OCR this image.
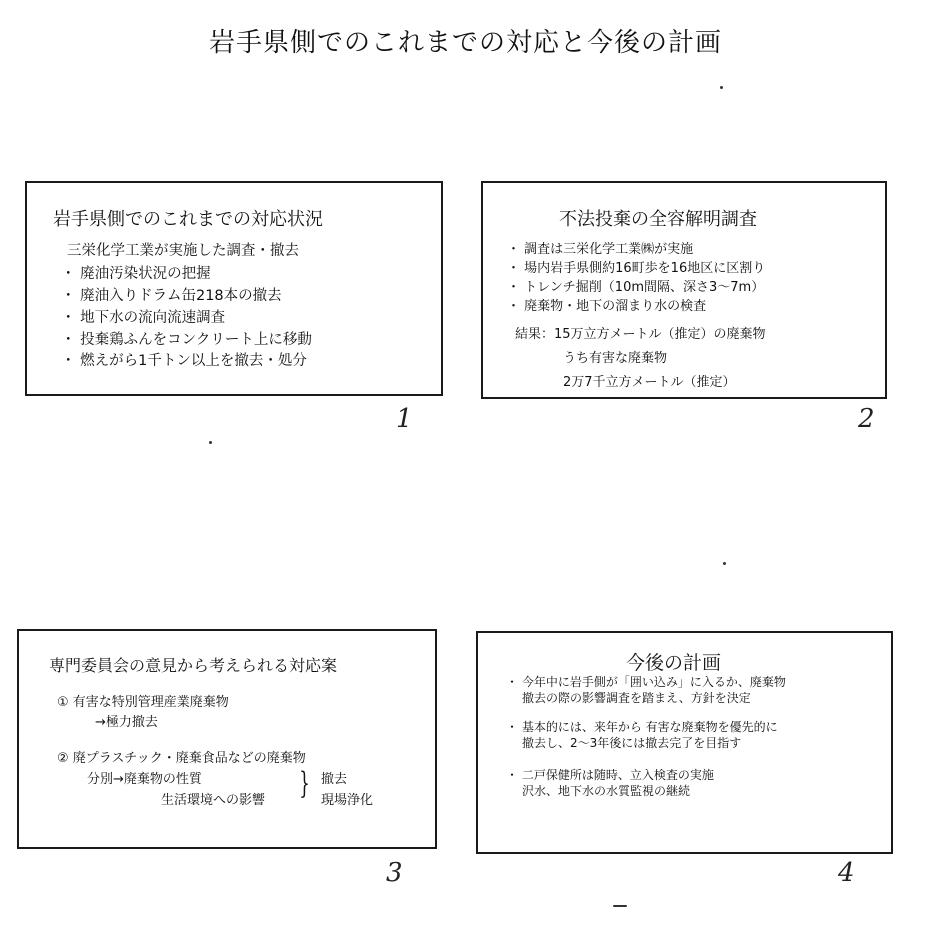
岩手県側でのこれまでの対応と今後の計画
岩手県側でのこれまでの対応状況
三栄化学工業が実施した調査・撤去
・ 廃油汚染状況の把握
・ 廃油入りドラム缶218本の撤去
・ 地下水の流向流速調査
・ 投棄鶏ふんをコンクリート上に移動
・ 燃えがら1千トン以上を撤去・処分
1
不法投棄の全容解明調査
・ 調査は三栄化学工業㈱が実施
・ 場内岩手県側約16町歩を16地区に区割り
・ トレンチ掘削（10m間隔、深さ3～7m）
・ 廃棄物・地下の溜まり水の検査
結果：15万立方メートル（推定）の廃棄物
うち有害な廃棄物
2万7千立方メートル（推定）
2
専門委員会の意見から考えられる対応案
① 有害な特別管理産業廃棄物
→極力撤去
② 廃プラスチック・廃棄食品などの廃棄物
分別→廃棄物の性質
生活環境への影響 } 撤去
現場浄化
3
今後の計画
・ 今年中に岩手側が「囲い込み」に入るか、廃棄物
撤去の際の影響調査を踏まえ、方針を決定
・ 基本的には、来年から 有害な廃棄物を優先的に
撤去し、2～3年後には撤去完了を目指す
・ 二戸保健所は随時、立入検査の実施
沢水、地下水の水質監視の継続
4
